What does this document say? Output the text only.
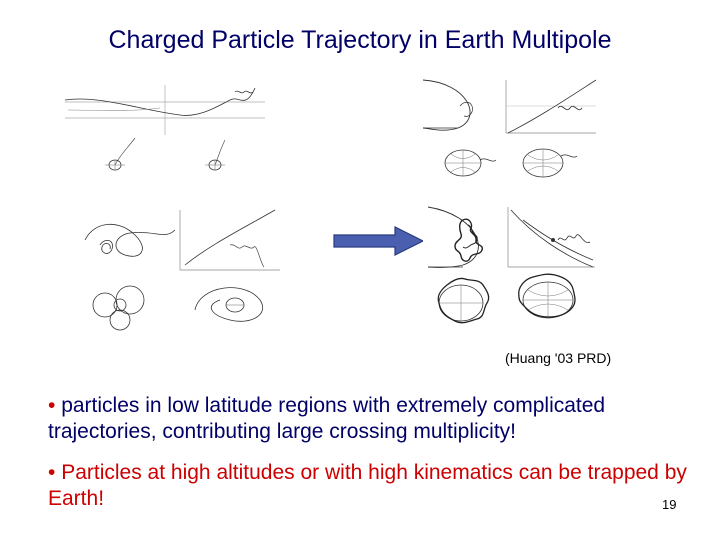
Charged Particle Trajectory in Earth Multipole
(Huang '03 PRD)
• particles in low latitude regions with extremely complicated trajectories, contributing large crossing multiplicity!
• Particles at high altitudes or with high kinematics can be trapped by Earth!	19
